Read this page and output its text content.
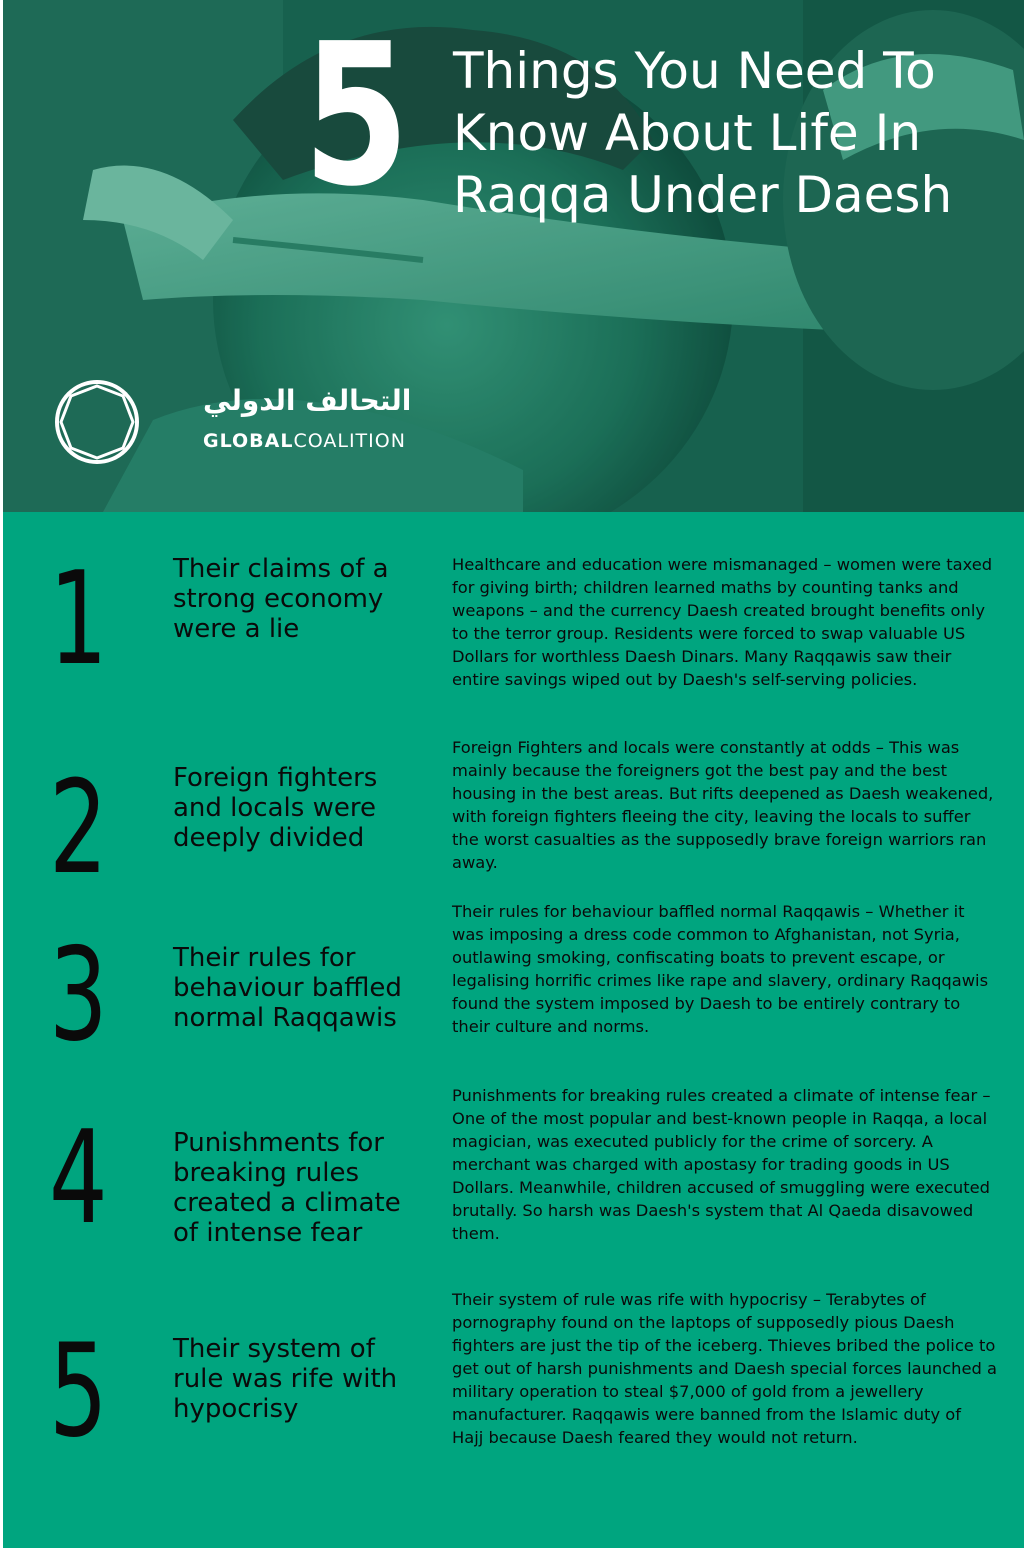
5 Things You Need To
Know About Life In
Raqqa Under Daesh
التحالف الدولي
GLOBALCOALITION
1	Their claims of a strong economy were a lie
Healthcare and education were mismanaged – women were taxed for giving birth; children learned maths by counting tanks and weapons – and the currency Daesh created brought benefits only to the terror group. Residents were forced to swap valuable US Dollars for worthless Daesh Dinars. Many Raqqawis saw their entire savings wiped out by Daesh's self-serving policies.
2	Foreign fighters and locals were deeply divided
Foreign Fighters and locals were constantly at odds – This was mainly because the foreigners got the best pay and the best housing in the best areas. But rifts deepened as Daesh weakened, with foreign fighters fleeing the city, leaving the locals to suffer the worst casualties as the supposedly brave foreign warriors ran away.
3	Their rules for behaviour baffled normal Raqqawis
Their rules for behaviour baffled normal Raqqawis – Whether it was imposing a dress code common to Afghanistan, not Syria, outlawing smoking, confiscating boats to prevent escape, or legalising horrific crimes like rape and slavery, ordinary Raqqawis found the system imposed by Daesh to be entirely contrary to their culture and norms.
4	Punishments for breaking rules created a climate of intense fear
Punishments for breaking rules created a climate of intense fear – One of the most popular and best-known people in Raqqa, a local magician, was executed publicly for the crime of sorcery. A merchant was charged with apostasy for trading goods in US Dollars. Meanwhile, children accused of smuggling were executed brutally. So harsh was Daesh's system that Al Qaeda disavowed them.
5	Their system of rule was rife with hypocrisy
Their system of rule was rife with hypocrisy – Terabytes of pornography found on the laptops of supposedly pious Daesh fighters are just the tip of the iceberg. Thieves bribed the police to get out of harsh punishments and Daesh special forces launched a military operation to steal $7,000 of gold from a jewellery manufacturer. Raqqawis were banned from the Islamic duty of Hajj because Daesh feared they would not return.
